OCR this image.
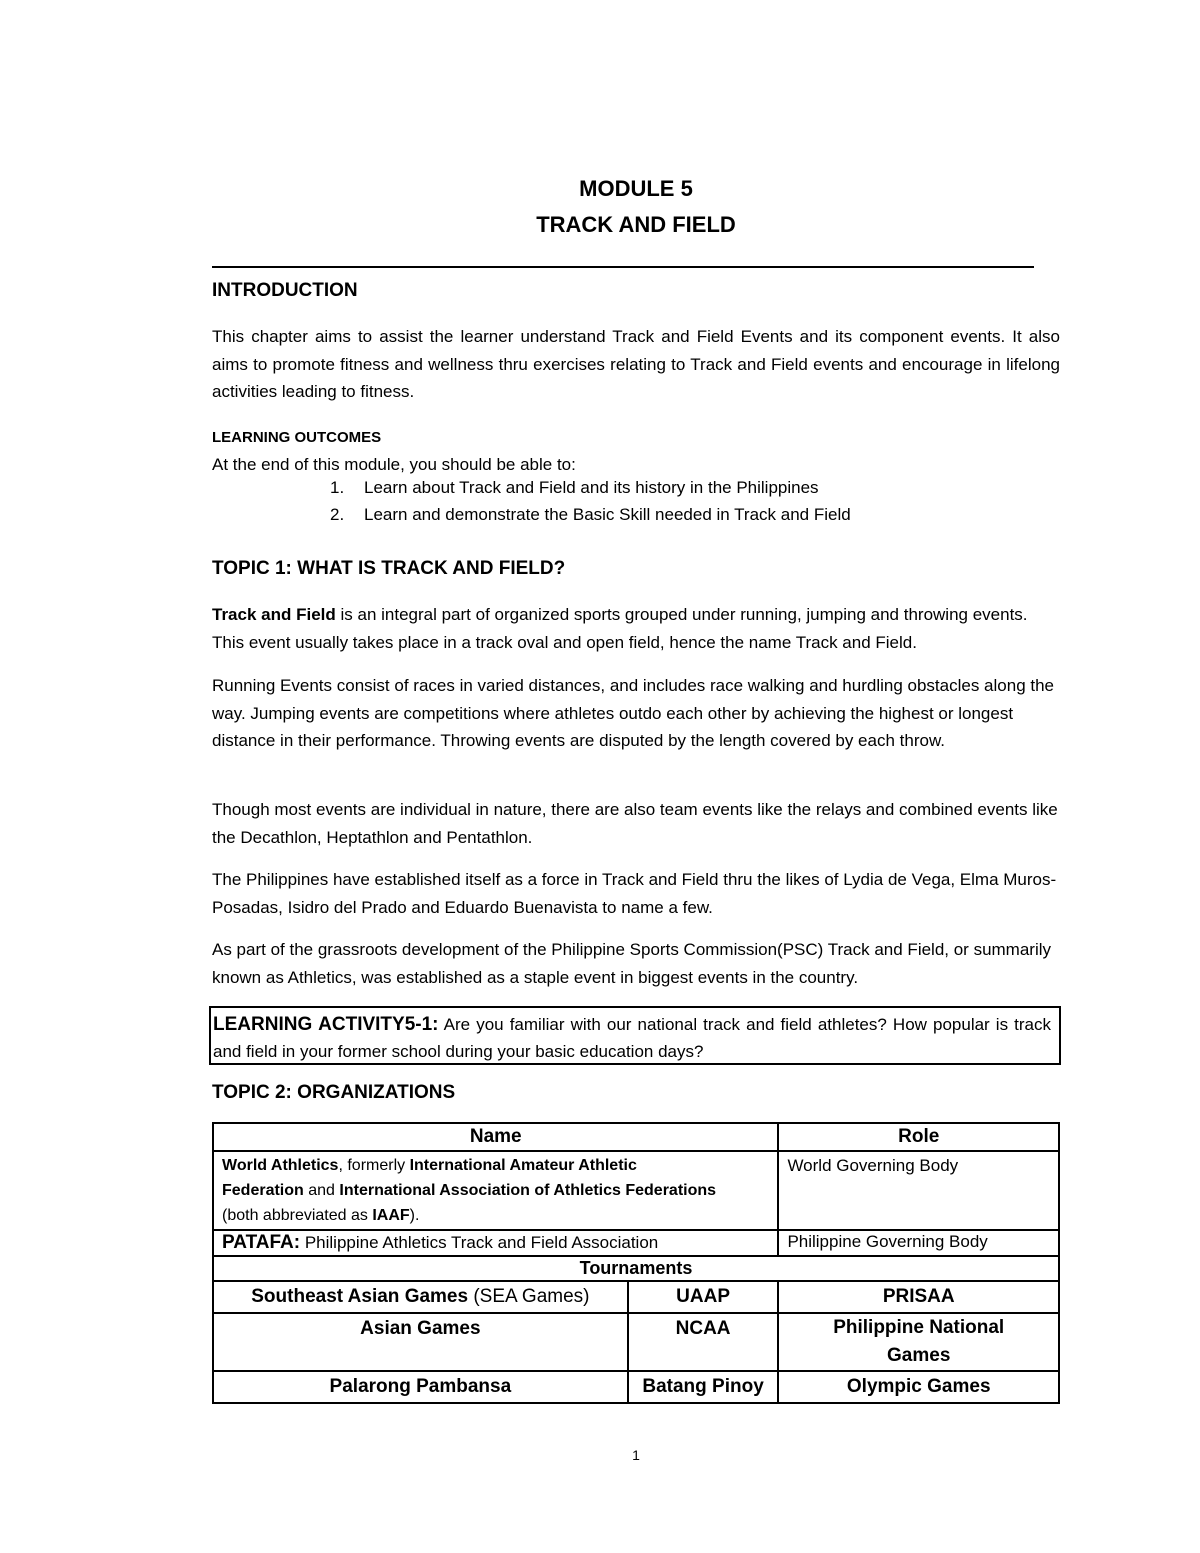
MODULE 5
TRACK AND FIELD
INTRODUCTION
This chapter aims to assist the learner understand Track and Field Events and its component events. It also aims to promote fitness and wellness thru exercises relating to Track and Field events and encourage in lifelong activities leading to fitness.
LEARNING OUTCOMES
At the end of this module, you should be able to:
1. Learn about Track and Field and its history in the Philippines
2. Learn and demonstrate the Basic Skill needed in Track and Field
TOPIC 1: WHAT IS TRACK AND FIELD?
Track and Field is an integral part of organized sports grouped under running, jumping and throwing events. This event usually takes place in a track oval and open field, hence the name Track and Field.
Running Events consist of races in varied distances, and includes race walking and hurdling obstacles along the way. Jumping events are competitions where athletes outdo each other by achieving the highest or longest distance in their performance. Throwing events are disputed by the length covered by each throw.
Though most events are individual in nature, there are also team events like the relays and combined events like the Decathlon, Heptathlon and Pentathlon.
The Philippines have established itself as a force in Track and Field thru the likes of Lydia de Vega, Elma Muros-Posadas, Isidro del Prado and Eduardo Buenavista to name a few.
As part of the grassroots development of the Philippine Sports Commission(PSC) Track and Field, or summarily known as Athletics, was established as a staple event in biggest events in the country.
LEARNING ACTIVITY5-1: Are you familiar with our national track and field athletes? How popular is track and field in your former school during your basic education days?
TOPIC 2: ORGANIZATIONS
Name		Role
World Athletics, formerly International Amateur Athletic Federation and International Association of Athletics Federations (both abbreviated as IAAF).		World Governing Body
PATAFA: Philippine Athletics Track and Field Association		Philippine Governing Body
Tournaments		
Southeast Asian Games (SEA Games)	UAAP	PRISAA
Asian Games	NCAA	Philippine National Games
Palarong Pambansa	Batang Pinoy	Olympic Games
1
